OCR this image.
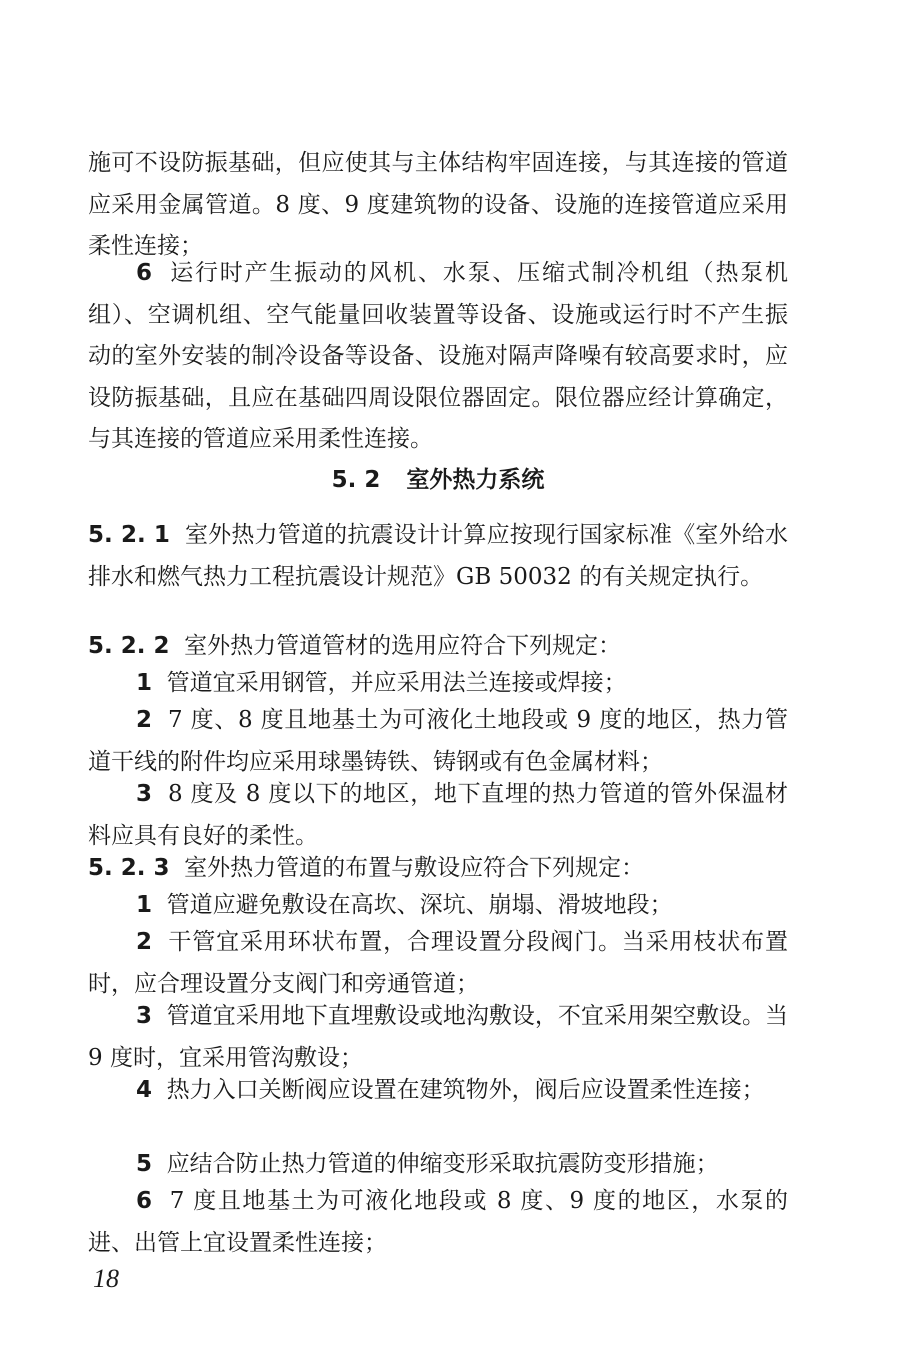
施可不设防振基础，但应使其与主体结构牢固连接，与其连接的管道应采用金属管道。8 度、9 度建筑物的设备、设施的连接管道应采用柔性连接；

6 运行时产生振动的风机、水泵、压缩式制冷机组（热泵机组）、空调机组、空气能量回收装置等设备、设施或运行时不产生振动的室外安装的制冷设备等设备、设施对隔声降噪有较高要求时，应设防振基础，且应在基础四周设限位器固定。限位器应经计算确定，与其连接的管道应采用柔性连接。

5. 2 室外热力系统

5. 2. 1 室外热力管道的抗震设计计算应按现行国家标准《室外给水排水和燃气热力工程抗震设计规范》GB 50032 的有关规定执行。

5. 2. 2 室外热力管道管材的选用应符合下列规定：

1 管道宜采用钢管，并应采用法兰连接或焊接；

2 7 度、8 度且地基土为可液化土地段或 9 度的地区，热力管道干线的附件均应采用球墨铸铁、铸钢或有色金属材料；

3 8 度及 8 度以下的地区，地下直埋的热力管道的管外保温材料应具有良好的柔性。

5. 2. 3 室外热力管道的布置与敷设应符合下列规定：

1 管道应避免敷设在高坎、深坑、崩塌、滑坡地段；

2 干管宜采用环状布置，合理设置分段阀门。当采用枝状布置时，应合理设置分支阀门和旁通管道；

3 管道宜采用地下直埋敷设或地沟敷设，不宜采用架空敷设。当 9 度时，宜采用管沟敷设；

4 热力入口关断阀应设置在建筑物外，阀后应设置柔性连接；

5 应结合防止热力管道的伸缩变形采取抗震防变形措施；

6 7 度且地基土为可液化地段或 8 度、9 度的地区，水泵的进、出管上宜设置柔性连接；

18
